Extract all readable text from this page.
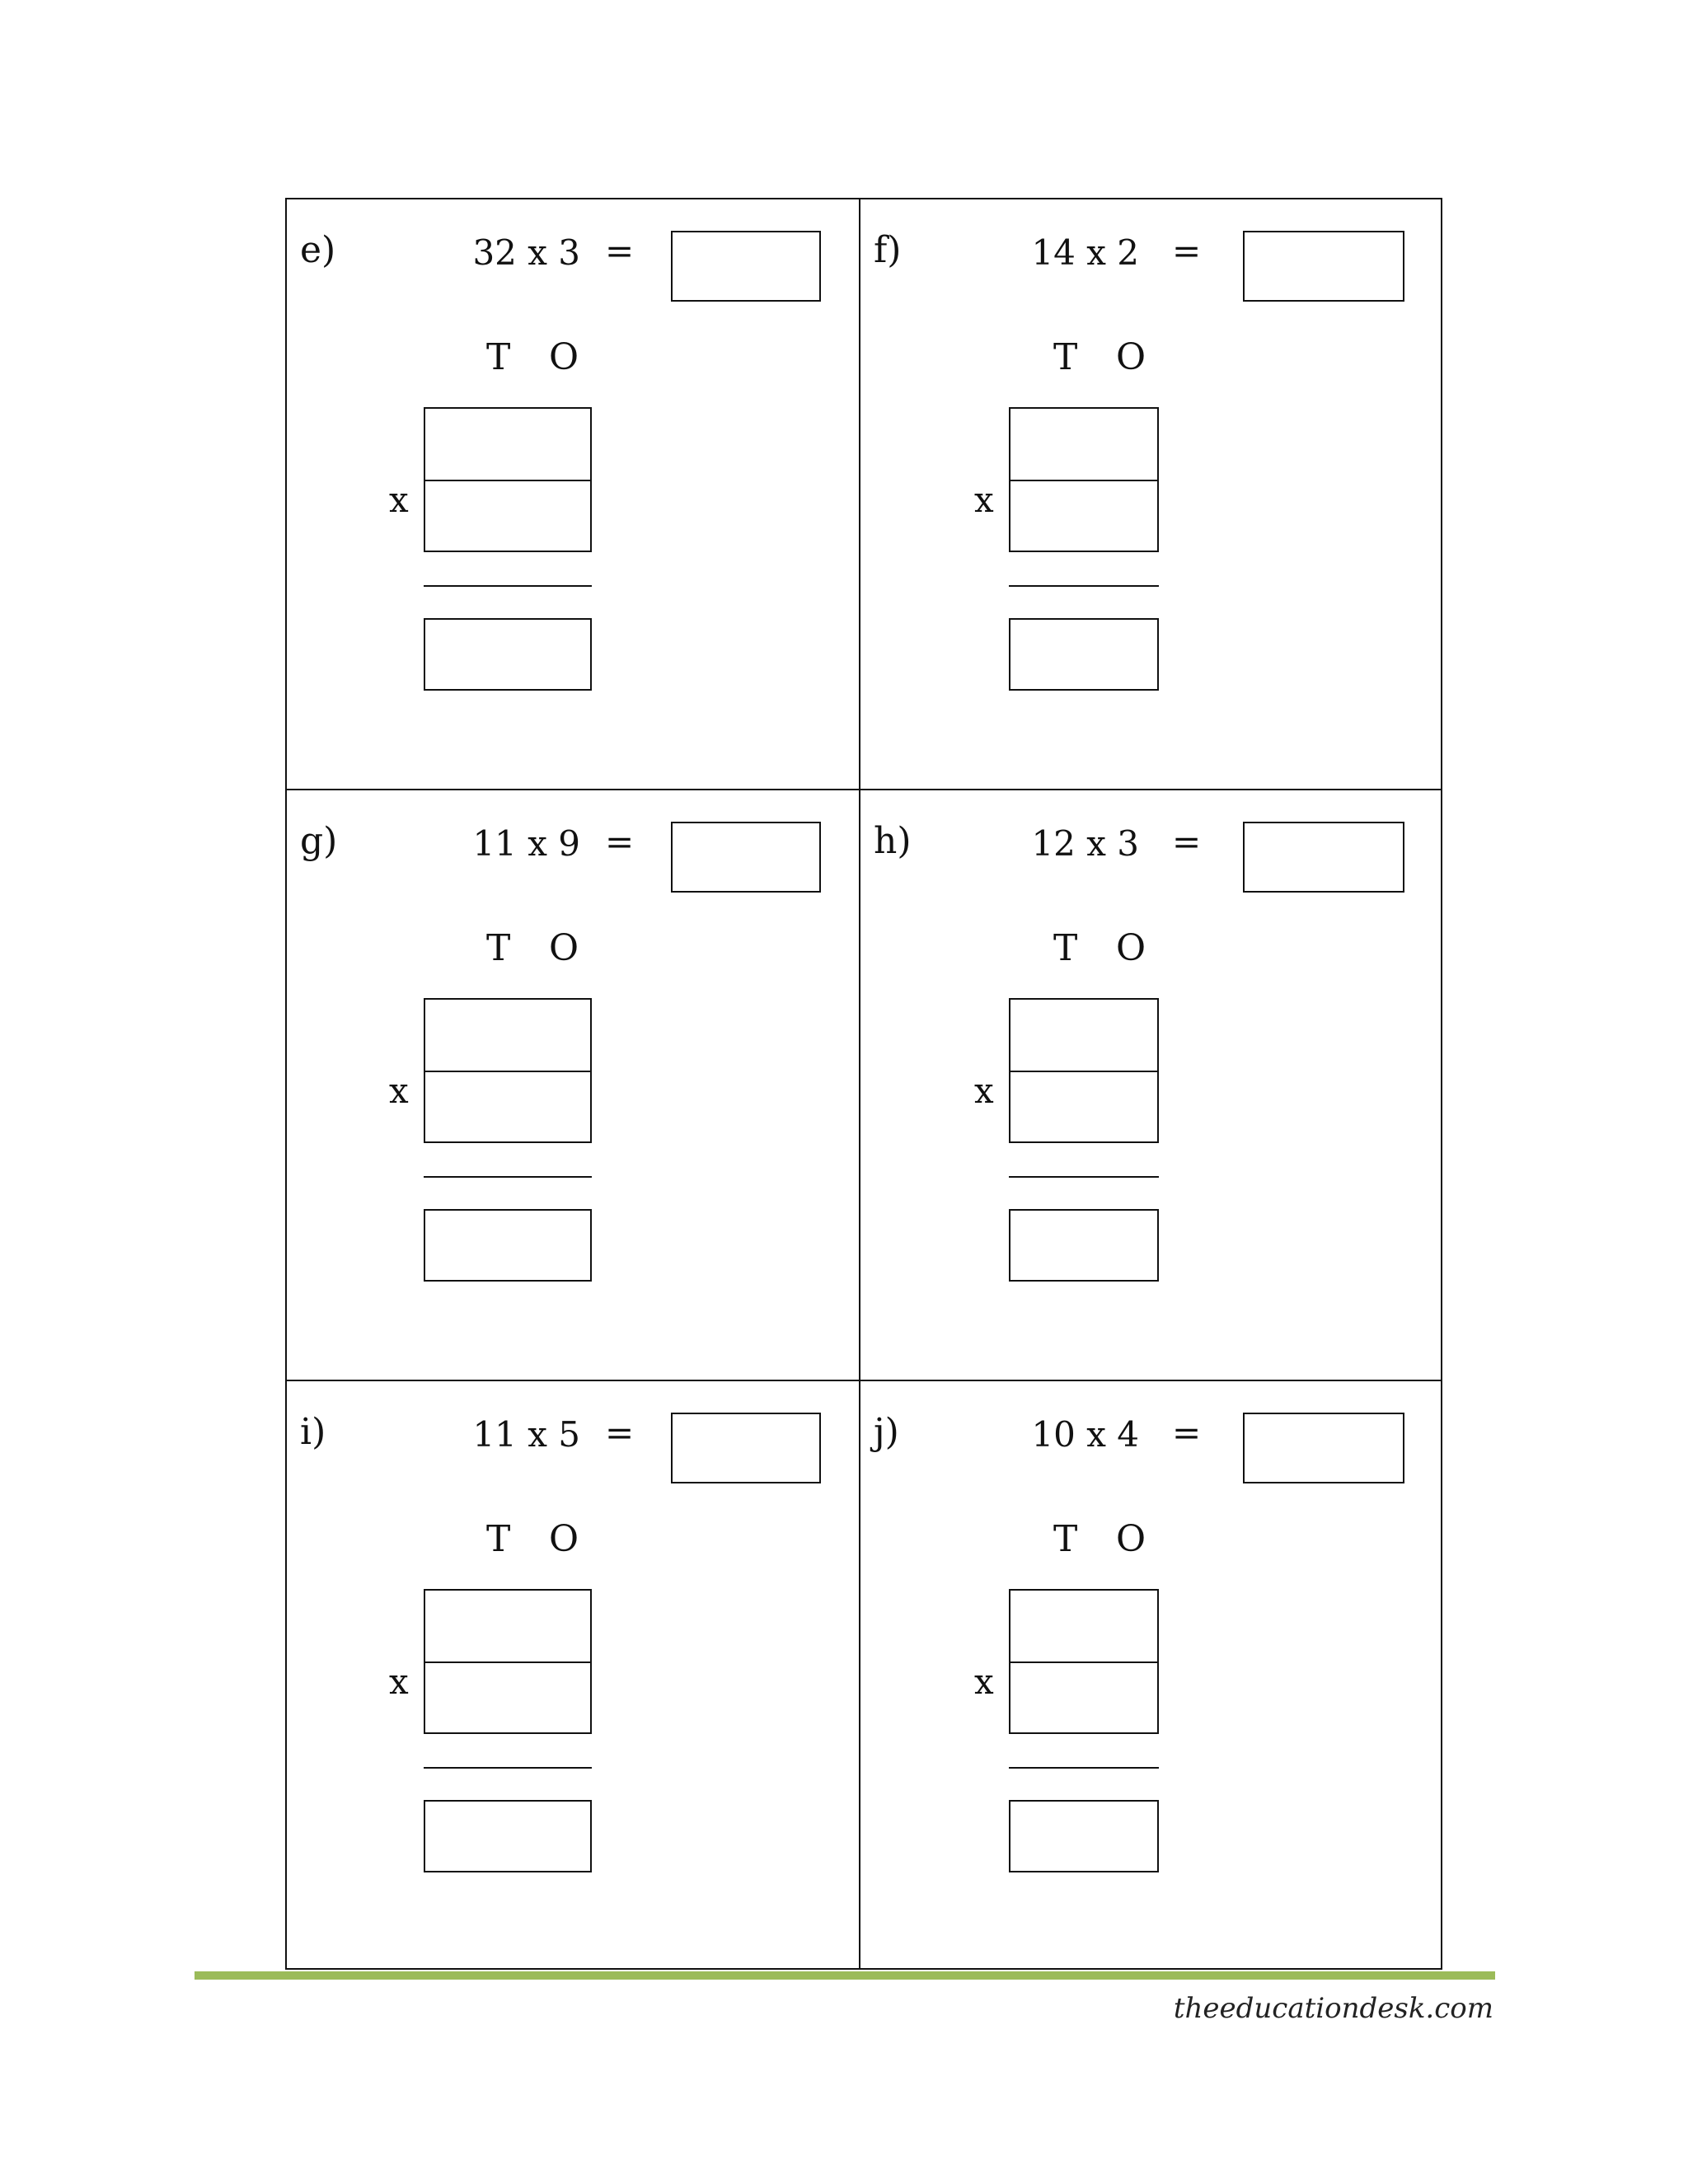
e)	32 x 3 =
T O
x
f)	14 x 2 =
T O
x
g)	11 x 9 =
T O
x
h)	12 x 3 =
T O
x
i)	11 x 5 =
T O
x
j)	10 x 4 =
T O
x
theeducationdesk.com
